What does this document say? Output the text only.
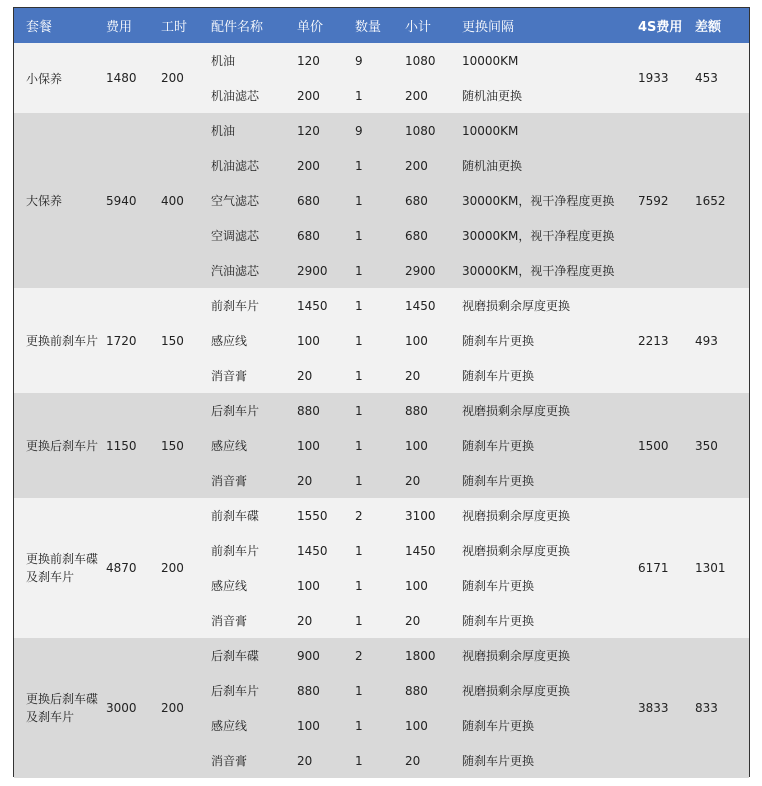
套餐	费用	工时	配件名称	单价	数量	小计	更换间隔	4S费用	差额
小保养	1480	200	机油	120	9	1080	10000KM	1933	453
			机油滤芯	200	1	200	随机油更换		
大保养	5940	400	机油	120	9	1080	10000KM	7592	1652
			机油滤芯	200	1	200	随机油更换		
			空气滤芯	680	1	680	30000KM，视干净程度更换		
			空调滤芯	680	1	680	30000KM，视干净程度更换		
			汽油滤芯	2900	1	2900	30000KM，视干净程度更换		
更换前刹车片	1720	150	前刹车片	1450	1	1450	视磨损剩余厚度更换	2213	493
			感应线	100	1	100	随刹车片更换		
			消音膏	20	1	20	随刹车片更换		
更换后刹车片	1150	150	后刹车片	880	1	880	视磨损剩余厚度更换	1500	350
			感应线	100	1	100	随刹车片更换		
			消音膏	20	1	20	随刹车片更换		

更换前刹车碟
及刹车片	4870	200	前刹车碟	1550	2	3100	视磨损剩余厚度更换	6171	1301
			前刹车片	1450	1	1450	视磨损剩余厚度更换		
			感应线	100	1	100	随刹车片更换		
			消音膏	20	1	20	随刹车片更换		

更换后刹车碟
及刹车片	3000	200	后刹车碟	900	2	1800	视磨损剩余厚度更换	3833	833
			后刹车片	880	1	880	视磨损剩余厚度更换		
			感应线	100	1	100	随刹车片更换		
			消音膏	20	1	20	随刹车片更换		
